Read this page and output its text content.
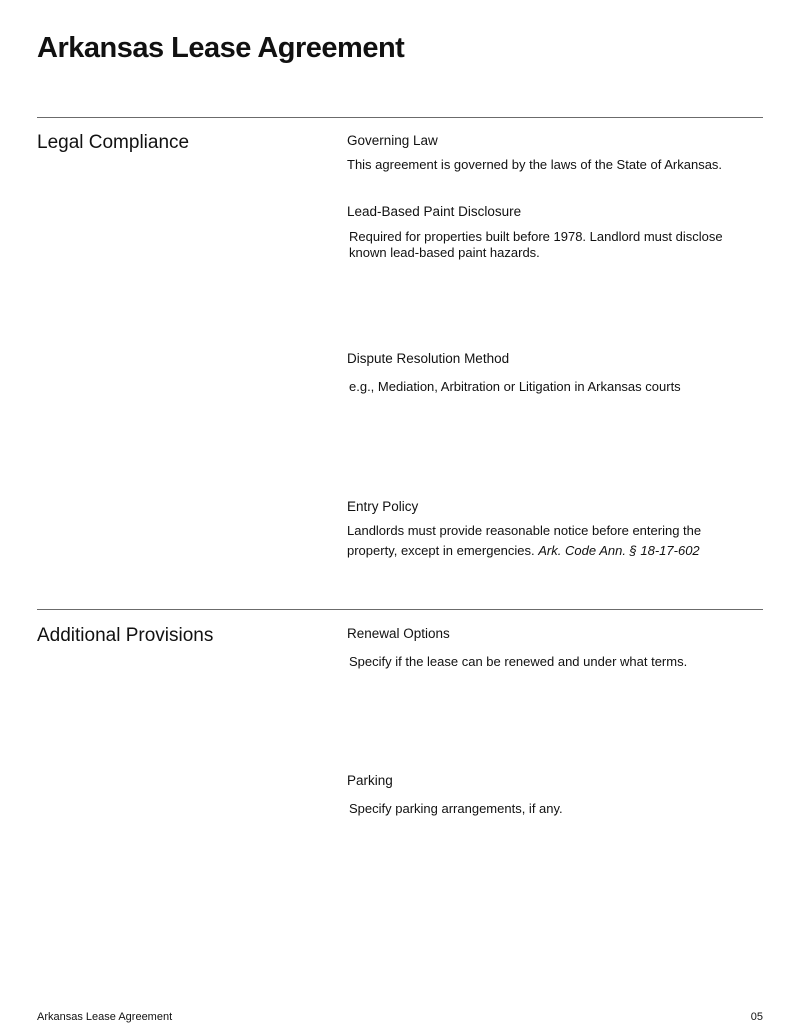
Arkansas Lease Agreement
Legal Compliance	Governing Law

This agreement is governed by the laws of the State of Arkansas.

Lead-Based Paint Disclosure

Required for properties built before 1978. Landlord must disclose known lead-based paint hazards.

Dispute Resolution Method

e.g., Mediation, Arbitration or Litigation in Arkansas courts

Entry Policy

Landlords must provide reasonable notice before entering the property, except in emergencies. Ark. Code Ann. § 18-17-602

Additional Provisions	Renewal Options

Specify if the lease can be renewed and under what terms.

Parking

Specify parking arrangements, if any.

Arkansas Lease Agreement	05
